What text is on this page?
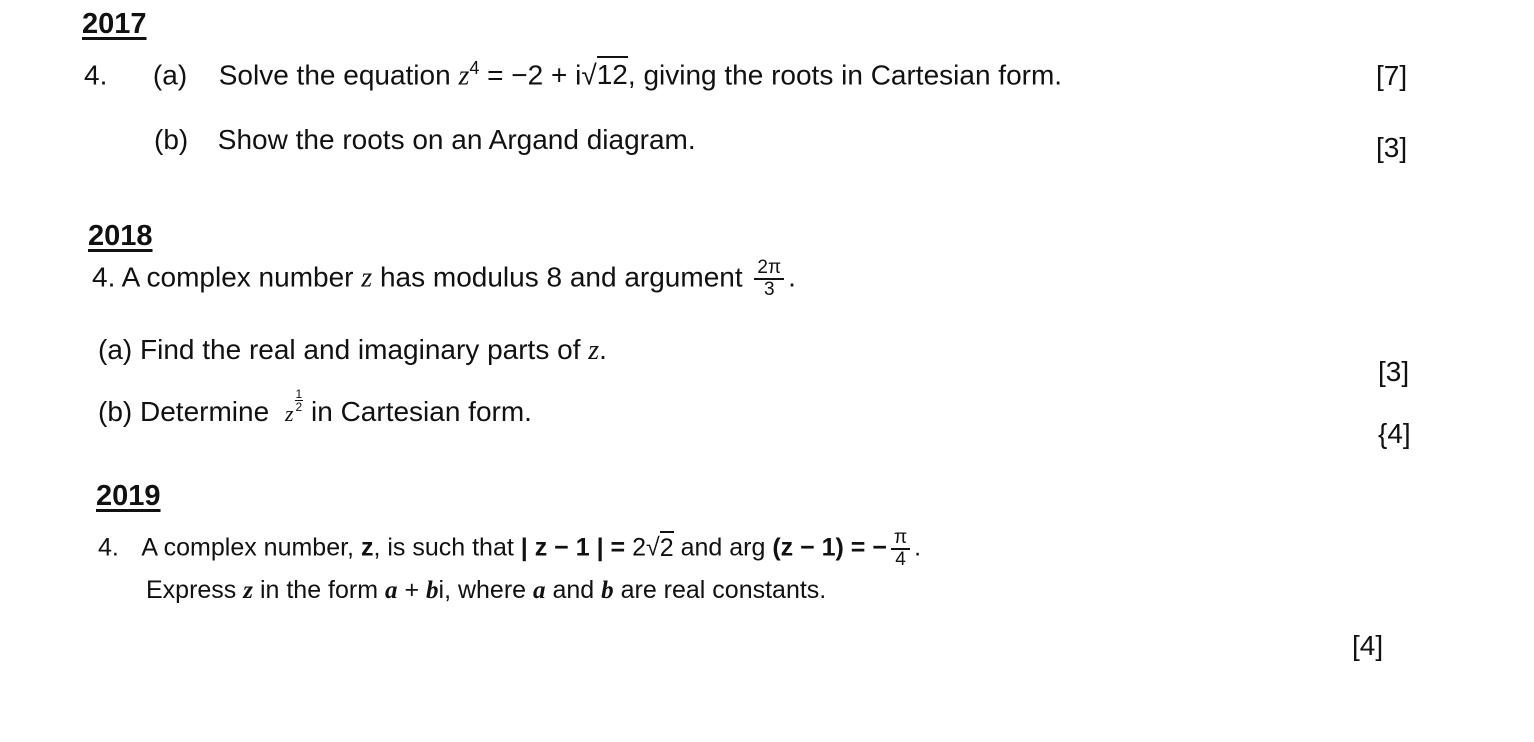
2017
4. (a) Solve the equation $z^4 = -2 + i√12$, giving the roots in Cartesian form.	[7]
(b) Show the roots on an Argand diagram.	[3]
2018
4. A complex number z has modulus 8 and argument $\frac{2\pi}{3}$ .
(a) Find the real and imaginary parts of z.
[3]
(b) Determine z
$\frac{1}{2}$ in Cartesian form.
{4]
2019
4. A complex number, z, is such that | z − 1 | = 2√2 and arg (z − 1) = − $\frac{\pi}{4}$ .
Express z in the form a + bi, where a and b are real constants.
[4]
